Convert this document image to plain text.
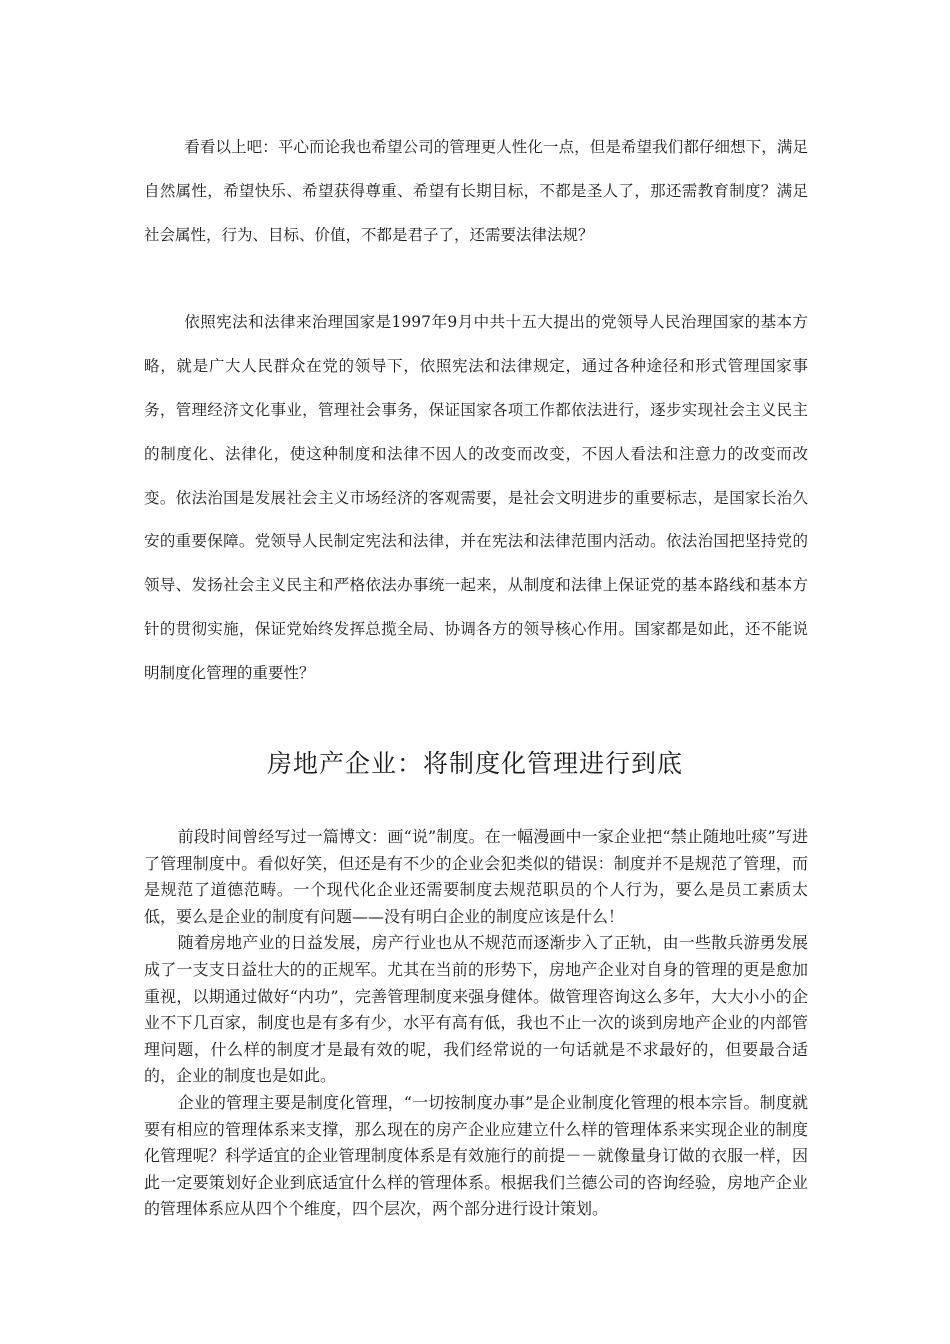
看看以上吧：平心而论我也希望公司的管理更人性化一点，但是希望我们都仔细想下，满足自然属性，希望快乐、希望获得尊重、希望有长期目标，不都是圣人了，那还需教育制度？满足社会属性，行为、目标、价值，不都是君子了，还需要法律法规？

依照宪法和法律来治理国家是1997年9月中共十五大提出的党领导人民治理国家的基本方略，就是广大人民群众在党的领导下，依照宪法和法律规定，通过各种途径和形式管理国家事务，管理经济文化事业，管理社会事务，保证国家各项工作都依法进行，逐步实现社会主义民主的制度化、法律化，使这种制度和法律不因人的改变而改变，不因人看法和注意力的改变而改变。依法治国是发展社会主义市场经济的客观需要，是社会文明进步的重要标志，是国家长治久安的重要保障。党领导人民制定宪法和法律，并在宪法和法律范围内活动。依法治国把坚持党的领导、发扬社会主义民主和严格依法办事统一起来，从制度和法律上保证党的基本路线和基本方针的贯彻实施，保证党始终发挥总揽全局、协调各方的领导核心作用。国家都是如此，还不能说明制度化管理的重要性？

房地产企业：将制度化管理进行到底

前段时间曾经写过一篇博文：画“说”制度。在一幅漫画中一家企业把“禁止随地吐痰”写进了管理制度中。看似好笑，但还是有不少的企业会犯类似的错误：制度并不是规范了管理，而是规范了道德范畴。一个现代化企业还需要制度去规范职员的个人行为，要么是员工素质太低，要么是企业的制度有问题——没有明白企业的制度应该是什么！

随着房地产业的日益发展，房产行业也从不规范而逐渐步入了正轨，由一些散兵游勇发展成了一支支日益壮大的的正规军。尤其在当前的形势下，房地产企业对自身的管理的更是愈加重视，以期通过做好“内功”，完善管理制度来强身健体。做管理咨询这么多年，大大小小的企业不下几百家，制度也是有多有少，水平有高有低，我也不止一次的谈到房地产企业的内部管理问题，什么样的制度才是最有效的呢，我们经常说的一句话就是不求最好的，但要最合适的，企业的制度也是如此。

企业的管理主要是制度化管理，“一切按制度办事”是企业制度化管理的根本宗旨。制度就要有相应的管理体系来支撑，那么现在的房产企业应建立什么样的管理体系来实现企业的制度化管理呢？科学适宜的企业管理制度体系是有效施行的前提－－就像量身订做的衣服一样，因此一定要策划好企业到底适宜什么样的管理体系。根据我们兰德公司的咨询经验，房地产企业的管理体系应从四个个维度，四个层次，两个部分进行设计策划。
